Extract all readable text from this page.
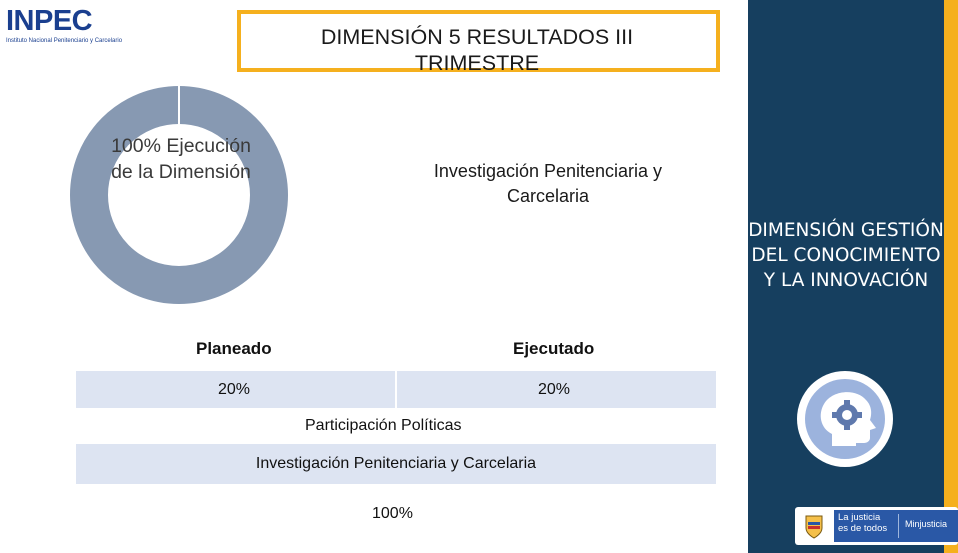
INPEC
Instituto Nacional Penitenciario y Carcelario	DIMENSIÓN 5 RESULTADOS III TRIMESTRE
100% Ejecución de la Dimensión	Investigación Penitenciaria y Carcelaria
Planeado	Ejecutado
20%	20%
Participación Políticas
Investigación Penitenciaria y Carcelaria
100%
DIMENSIÓN GESTIÓN DEL CONOCIMIENTO Y LA INNOVACIÓN
La justicia
es de todos Minjusticia
